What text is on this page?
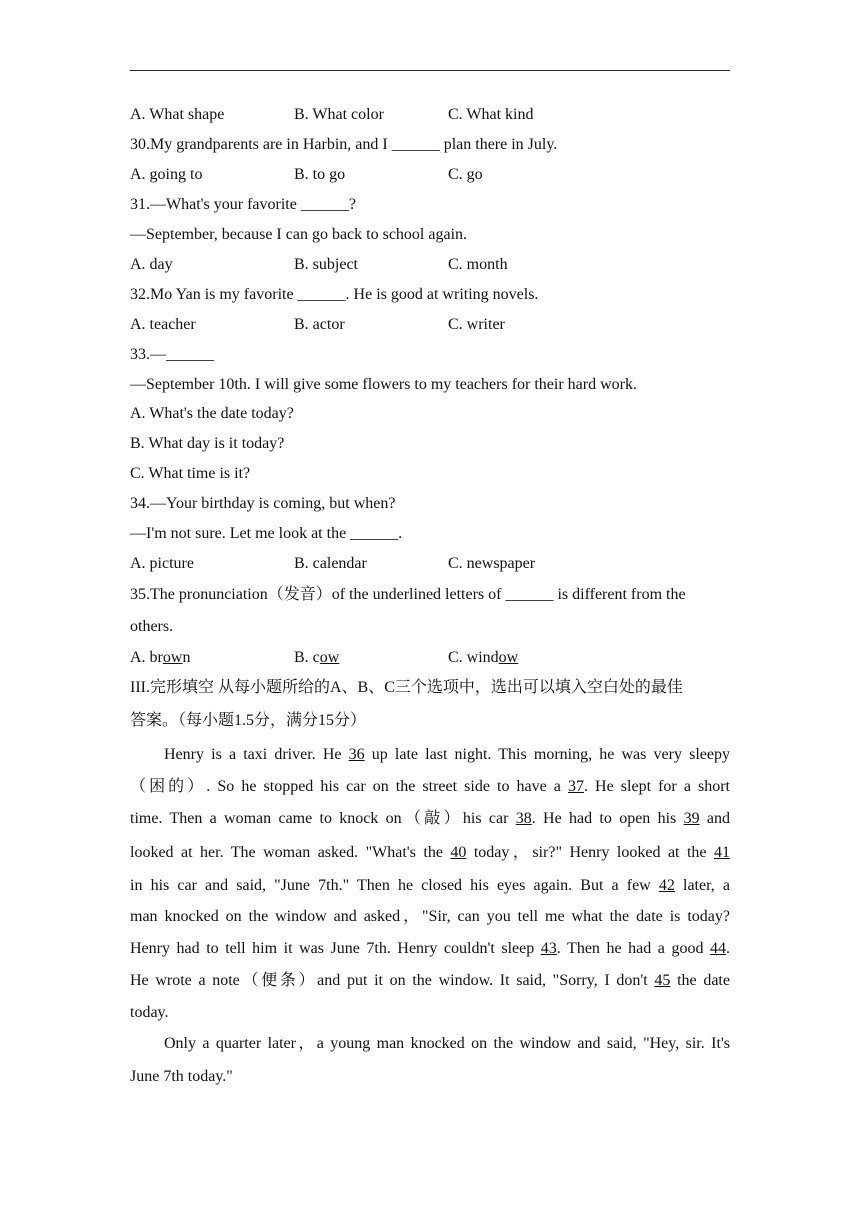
A. What shape	B. What color	C. What kind
30.My grandparents are in Harbin, and I ______ plan there in July.
A. going to	B. to go	C. go
31.—What's your favorite ______?
—September, because I can go back to school again.
A. day	B. subject	C. month
32.Mo Yan is my favorite ______. He is good at writing novels.
A. teacher	B. actor	C. writer
33.—______
—September 10th. I will give some flowers to my teachers for their hard work.
A. What's the date today?
B. What day is it today?
C. What time is it?
34.—Your birthday is coming, but when?
—I'm not sure. Let me look at the ______.
A. picture	B. calendar	C. newspaper
35.The pronunciation（发音）of the underlined letters of ______ is different from the
others.
A. brown	B. cow	C. window
III.完形填空 从每小题所给的A、B、C三个选项中，选出可以填入空白处的最佳
答案。（每小题1.5分，满分15分）
Henry is a taxi driver. He 36 up late last night. This morning, he was very sleepy
（困的）. So he stopped his car on the street side to have a 37. He slept for a short
time. Then a woman came to knock on（敲）his car 38. He had to open his 39 and
looked at her. The woman asked. "What's the 40 today，sir?" Henry looked at the 41
in his car and said, "June 7th." Then he closed his eyes again. But a few 42 later, a
man knocked on the window and asked，"Sir, can you tell me what the date is today?
Henry had to tell him it was June 7th. Henry couldn't sleep 43. Then he had a good 44.
He wrote a note（便条）and put it on the window. It said, "Sorry, I don't 45 the date
today.
Only a quarter later，a young man knocked on the window and said, "Hey, sir. It's
June 7th today."
